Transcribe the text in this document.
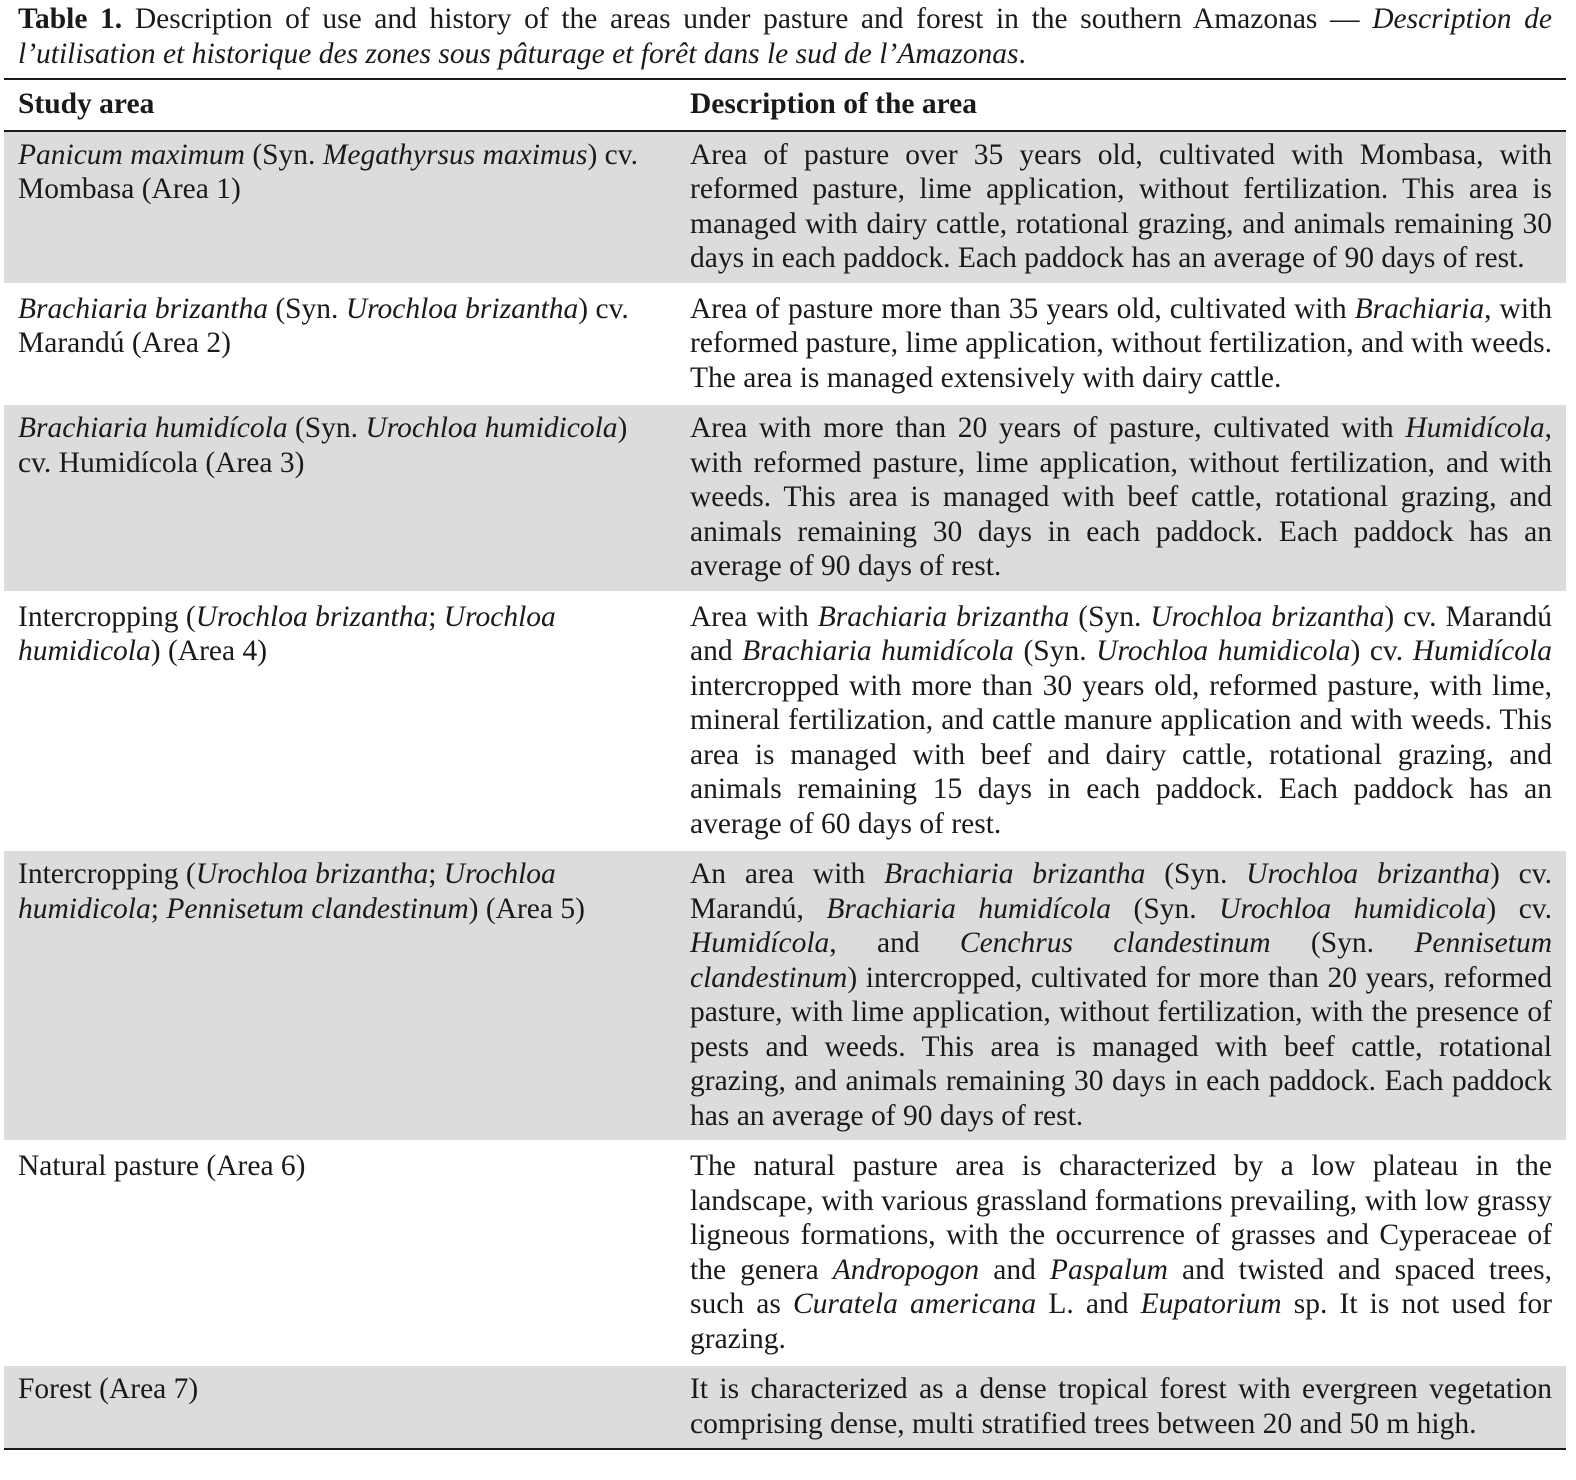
Table 1. Description of use and history of the areas under pasture and forest in the southern Amazonas — Description de l’utilisation et historique des zones sous pâturage et forêt dans le sud de l’Amazonas.
Study area	Description of the area
Panicum maximum (Syn. Megathyrsus maximus) cv. Mombasa (Area 1)	Area of pasture over 35 years old, cultivated with Mombasa, with reformed pasture, lime application, without fertilization. This area is managed with dairy cattle, rotational grazing, and animals remaining 30 days in each paddock. Each paddock has an average of 90 days of rest.
Brachiaria brizantha (Syn. Urochloa brizantha) cv. Marandú (Area 2)	Area of pasture more than 35 years old, cultivated with Brachiaria, with reformed pasture, lime application, without fertilization, and with weeds. The area is managed extensively with dairy cattle.
Brachiaria humidícola (Syn. Urochloa humidicola) cv. Humidícola (Area 3)	Area with more than 20 years of pasture, cultivated with Humidícola, with reformed pasture, lime application, without fertilization, and with weeds. This area is managed with beef cattle, rotational grazing, and animals remaining 30 days in each paddock. Each paddock has an average of 90 days of rest.
Intercropping (Urochloa brizantha; Urochloa humidicola) (Area 4)	Area with Brachiaria brizantha (Syn. Urochloa brizantha) cv. Marandú and Brachiaria humidícola (Syn. Urochloa humidicola) cv. Humidícola intercropped with more than 30 years old, reformed pasture, with lime, mineral fertilization, and cattle manure application and with weeds. This area is managed with beef and dairy cattle, rotational grazing, and animals remaining 15 days in each paddock. Each paddock has an average of 60 days of rest.
Intercropping (Urochloa brizantha; Urochloa humidicola; Pennisetum clandestinum) (Area 5)	An area with Brachiaria brizantha (Syn. Urochloa brizantha) cv. Marandú, Brachiaria humidícola (Syn. Urochloa humidicola) cv. Humidícola, and Cenchrus clandestinum (Syn. Pennisetum clandestinum) intercropped, cultivated for more than 20 years, reformed pasture, with lime application, without fertilization, with the presence of pests and weeds. This area is managed with beef cattle, rotational grazing, and animals remaining 30 days in each paddock. Each paddock has an average of 90 days of rest.
Natural pasture (Area 6)	The natural pasture area is characterized by a low plateau in the landscape, with various grassland formations prevailing, with low grassy ligneous formations, with the occurrence of grasses and Cyperaceae of the genera Andropogon and Paspalum and twisted and spaced trees, such as Curatela americana L. and Eupatorium sp. It is not used for grazing.
Forest (Area 7)	It is characterized as a dense tropical forest with evergreen vegetation comprising dense, multi stratified trees between 20 and 50 m high.
